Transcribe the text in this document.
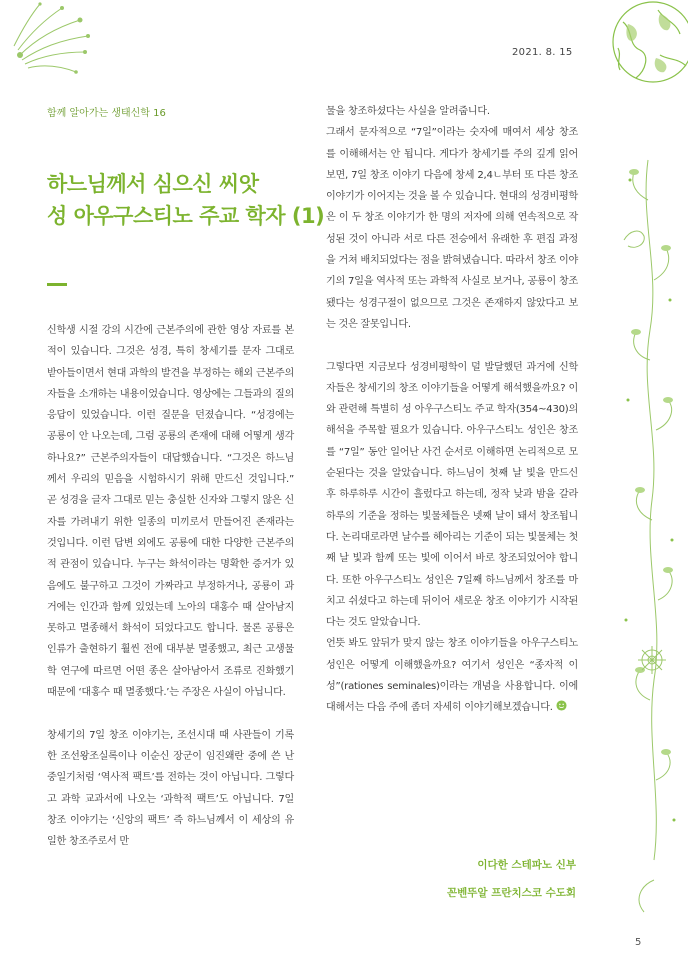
2021. 8. 15
함께 알아가는 생태신학 16
하느님께서 심으신 씨앗
성 아우구스티노 주교 학자 (1)

신학생 시절 강의 시간에 근본주의에 관한 영상 자료를 본 적이 있습니다. 그것은 성경, 특히 창세기를 문자 그대로 받아들이면서 현대 과학의 발견을 부정하는 해외 근본주의자들을 소개하는 내용이었습니다. 영상에는 그들과의 질의 응답이 있었습니다. 이런 질문을 던졌습니다. “성경에는 공룡이 안 나오는데, 그럼 공룡의 존재에 대해 어떻게 생각하나요?” 근본주의자들이 대답했습니다. “그것은 하느님께서 우리의 믿음을 시험하시기 위해 만드신 것입니다.” 곧 성경을 글자 그대로 믿는 충실한 신자와 그렇지 않은 신자를 가려내기 위한 일종의 미끼로서 만들어진 존재라는 것입니다. 이런 답변 외에도 공룡에 대한 다양한 근본주의적 관점이 있습니다. 누구는 화석이라는 명확한 증거가 있음에도 불구하고 그것이 가짜라고 부정하거나, 공룡이 과거에는 인간과 함께 있었는데 노아의 대홍수 때 살아남지 못하고 멸종해서 화석이 되었다고도 합니다. 물론 공룡은 인류가 출현하기 훨씬 전에 대부분 멸종했고, 최근 고생물학 연구에 따르면 어떤 종은 살아남아서 조류로 진화했기 때문에 ‘대홍수 때 멸종했다.’는 주장은 사실이 아닙니다.

창세기의 7일 창조 이야기는, 조선시대 때 사관들이 기록한 조선왕조실록이나 이순신 장군이 임진왜란 중에 쓴 난중일기처럼 ‘역사적 팩트’를 전하는 것이 아닙니다. 그렇다고 과학 교과서에 나오는 ‘과학적 팩트’도 아닙니다. 7일 창조 이야기는 ‘신앙의 팩트’ 즉 하느님께서 이 세상의 유일한 창조주로서 만

물을 창조하셨다는 사실을 알려줍니다.

그래서 문자적으로 “7일”이라는 숫자에 매여서 세상 창조를 이해해서는 안 됩니다. 게다가 창세기를 주의 깊게 읽어보면, 7일 창조 이야기 다음에 창세 2,4ㄴ부터 또 다른 창조 이야기가 이어지는 것을 볼 수 있습니다. 현대의 성경비평학은 이 두 창조 이야기가 한 명의 저자에 의해 연속적으로 작성된 것이 아니라 서로 다른 전승에서 유래한 후 편집 과정을 거쳐 배치되었다는 점을 밝혀냈습니다. 따라서 창조 이야기의 7일을 역사적 또는 과학적 사실로 보거나, 공룡이 창조됐다는 성경구절이 없으므로 그것은 존재하지 않았다고 보는 것은 잘못입니다.

그렇다면 지금보다 성경비평학이 덜 발달했던 과거에 신학자들은 창세기의 창조 이야기들을 어떻게 해석했을까요? 이와 관련해 특별히 성 아우구스티노 주교 학자(354~430)의 해석을 주목할 필요가 있습니다. 아우구스티노 성인은 창조를 “7일” 동안 일어난 사건 순서로 이해하면 논리적으로 모순된다는 것을 알았습니다. 하느님이 첫째 날 빛을 만드신 후 하루하루 시간이 흘렀다고 하는데, 정작 낮과 밤을 갈라 하루의 기준을 정하는 빛물체들은 넷째 날이 돼서 창조됩니다. 논리대로라면 날수를 헤아리는 기준이 되는 빛물체는 첫째 날 빛과 함께 또는 빛에 이어서 바로 창조되었어야 합니다. 또한 아우구스티노 성인은 7일째 하느님께서 창조를 마치고 쉬셨다고 하는데 뒤이어 새로운 창조 이야기가 시작된다는 것도 알았습니다.

언뜻 봐도 앞뒤가 맞지 않는 창조 이야기들을 아우구스티노 성인은 어떻게 이해했을까요? 여기서 성인은 “종자적 이성”(rationes seminales)이라는 개념을 사용합니다. 이에 대해서는 다음 주에 좀더 자세히 이야기해보겠습니다.

이다한 스테파노 신부
꼰벤뚜알 프란치스코 수도회
5
